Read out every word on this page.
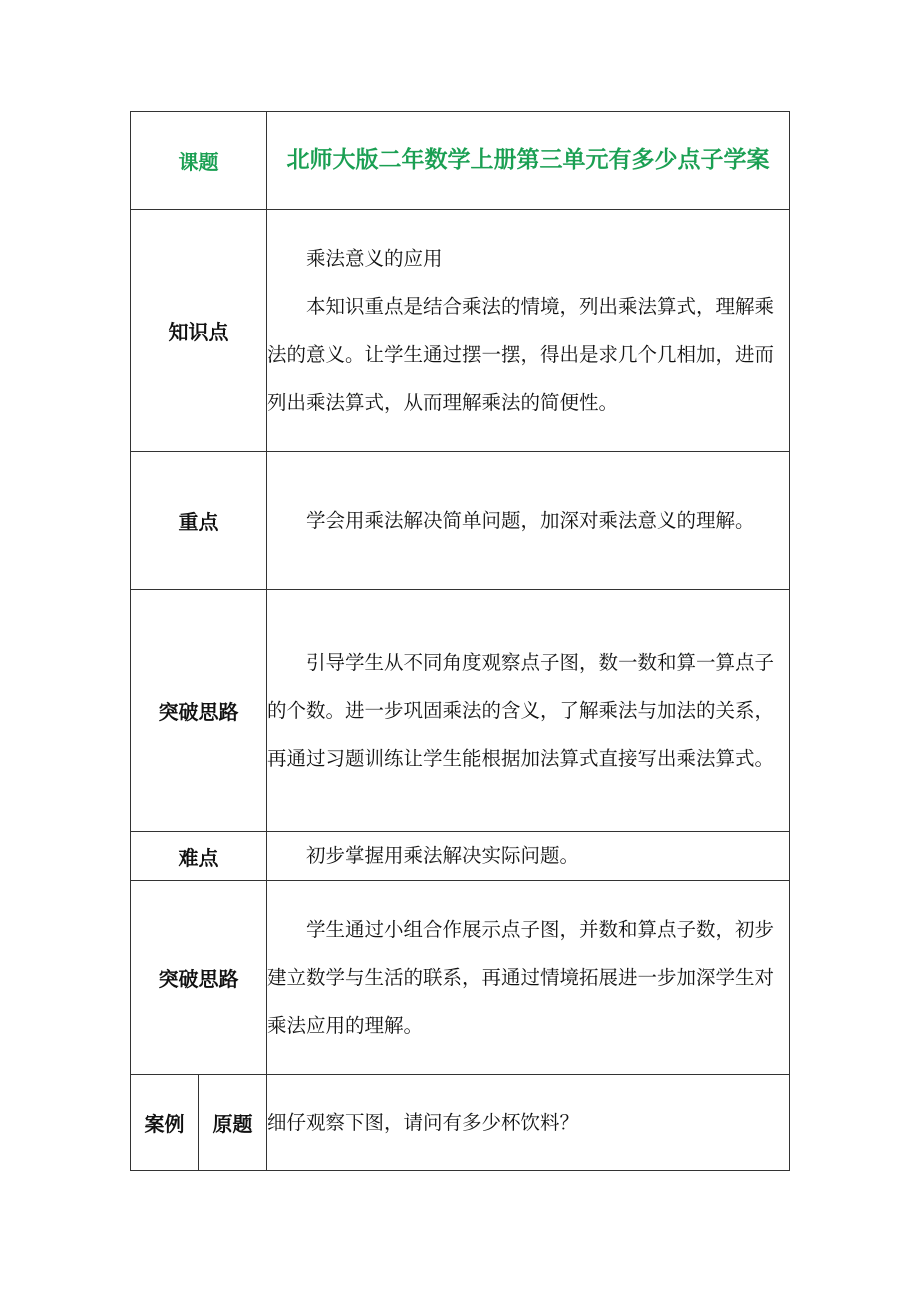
课题		北师大版二年数学上册第三单元有多少点子学案
知识点		乘法意义的应用

本知识重点是结合乘法的情境，列出乘法算式，理解乘法的意义。让学生通过摆一摆，得出是求几个几相加，进而列出乘法算式，从而理解乘法的简便性。

重点		学会用乘法解决简单问题，加深对乘法意义的理解。

突破思路		引导学生从不同角度观察点子图，数一数和算一算点子的个数。进一步巩固乘法的含义，了解乘法与加法的关系，再通过习题训练让学生能根据加法算式直接写出乘法算式。

难点		初步掌握用乘法解决实际问题。

突破思路		学生通过小组合作展示点子图，并数和算点子数，初步建立数学与生活的联系，再通过情境拓展进一步加深学生对乘法应用的理解。

案例	原题	细仔观察下图，请问有多少杯饮料？
